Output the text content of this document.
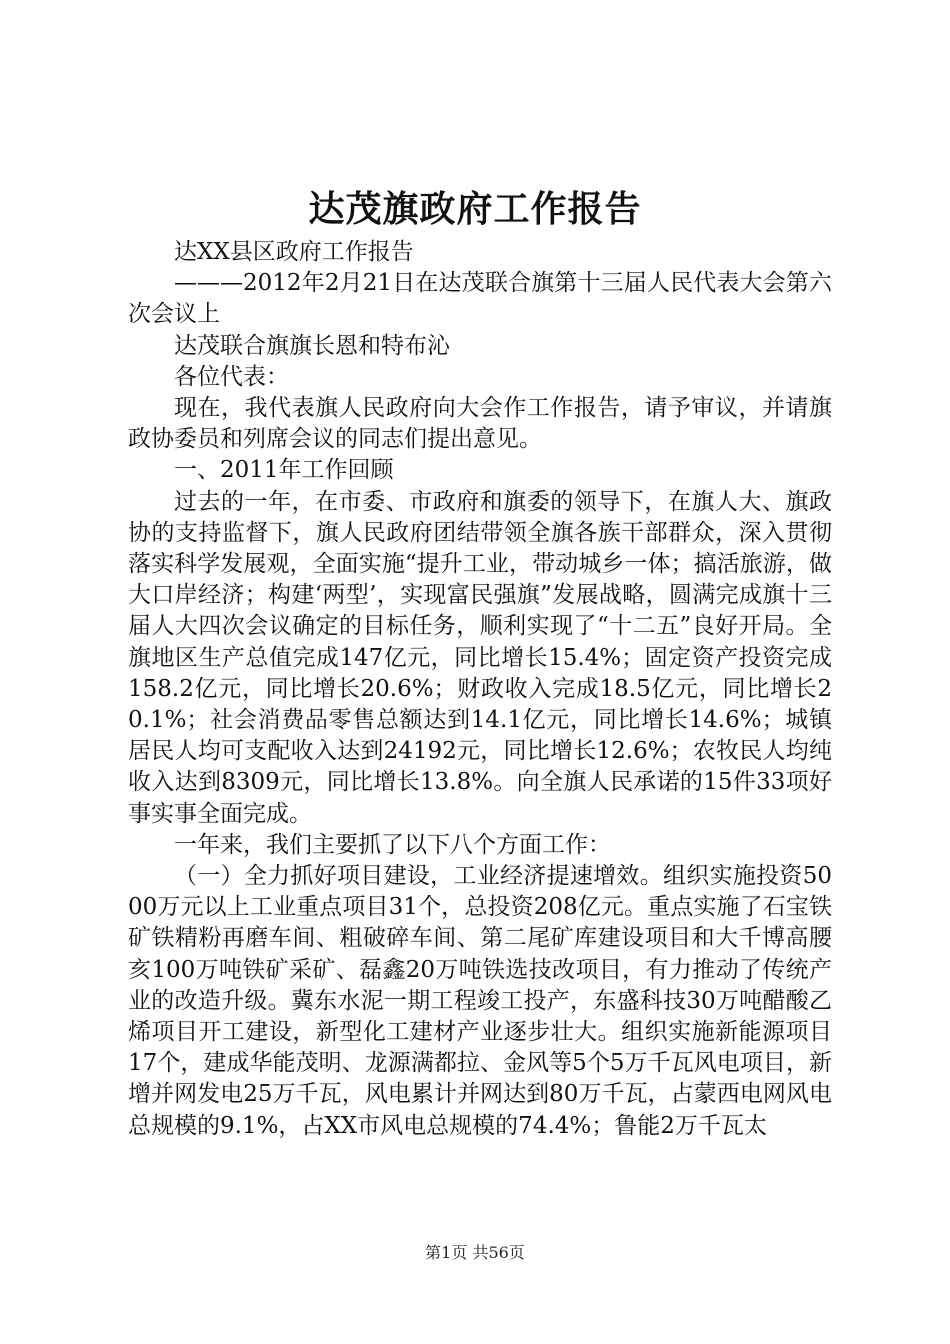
达茂旗政府工作报告

达XX县区政府工作报告

———2012年2月21日在达茂联合旗第十三届人民代表大会第六次会议上

达茂联合旗旗长恩和特布沁

各位代表：

现在，我代表旗人民政府向大会作工作报告，请予审议，并请旗政协委员和列席会议的同志们提出意见。

一、2011年工作回顾

过去的一年，在市委、市政府和旗委的领导下，在旗人大、旗政协的支持监督下，旗人民政府团结带领全旗各族干部群众，深入贯彻落实科学发展观，全面实施“提升工业，带动城乡一体；搞活旅游，做大口岸经济；构建‘两型’，实现富民强旗”发展战略，圆满完成旗十三届人大四次会议确定的目标任务，顺利实现了“十二五”良好开局。全旗地区生产总值完成147亿元，同比增长15.4%；固定资产投资完成158.2亿元，同比增长20.6%；财政收入完成18.5亿元，同比增长20.1%；社会消费品零售总额达到14.1亿元，同比增长14.6%；城镇居民人均可支配收入达到24192元，同比增长12.6%；农牧民人均纯收入达到8309元，同比增长13.8%。向全旗人民承诺的15件33项好事实事全面完成。

一年来，我们主要抓了以下八个方面工作：

（一）全力抓好项目建设，工业经济提速增效。组织实施投资5000万元以上工业重点项目31个，总投资208亿元。重点实施了石宝铁矿铁精粉再磨车间、粗破碎车间、第二尾矿库建设项目和大千博高腰亥100万吨铁矿采矿、磊鑫20万吨铁选技改项目，有力推动了传统产业的改造升级。冀东水泥一期工程竣工投产，东盛科技30万吨醋酸乙烯项目开工建设，新型化工建材产业逐步壮大。组织实施新能源项目17个，建成华能茂明、龙源满都拉、金风等5个5万千瓦风电项目，新增并网发电25万千瓦，风电累计并网达到80万千瓦，占蒙西电网风电总规模的9.1%，占XX市风电总规模的74.4%；鲁能2万千瓦太

第1页 共56页
